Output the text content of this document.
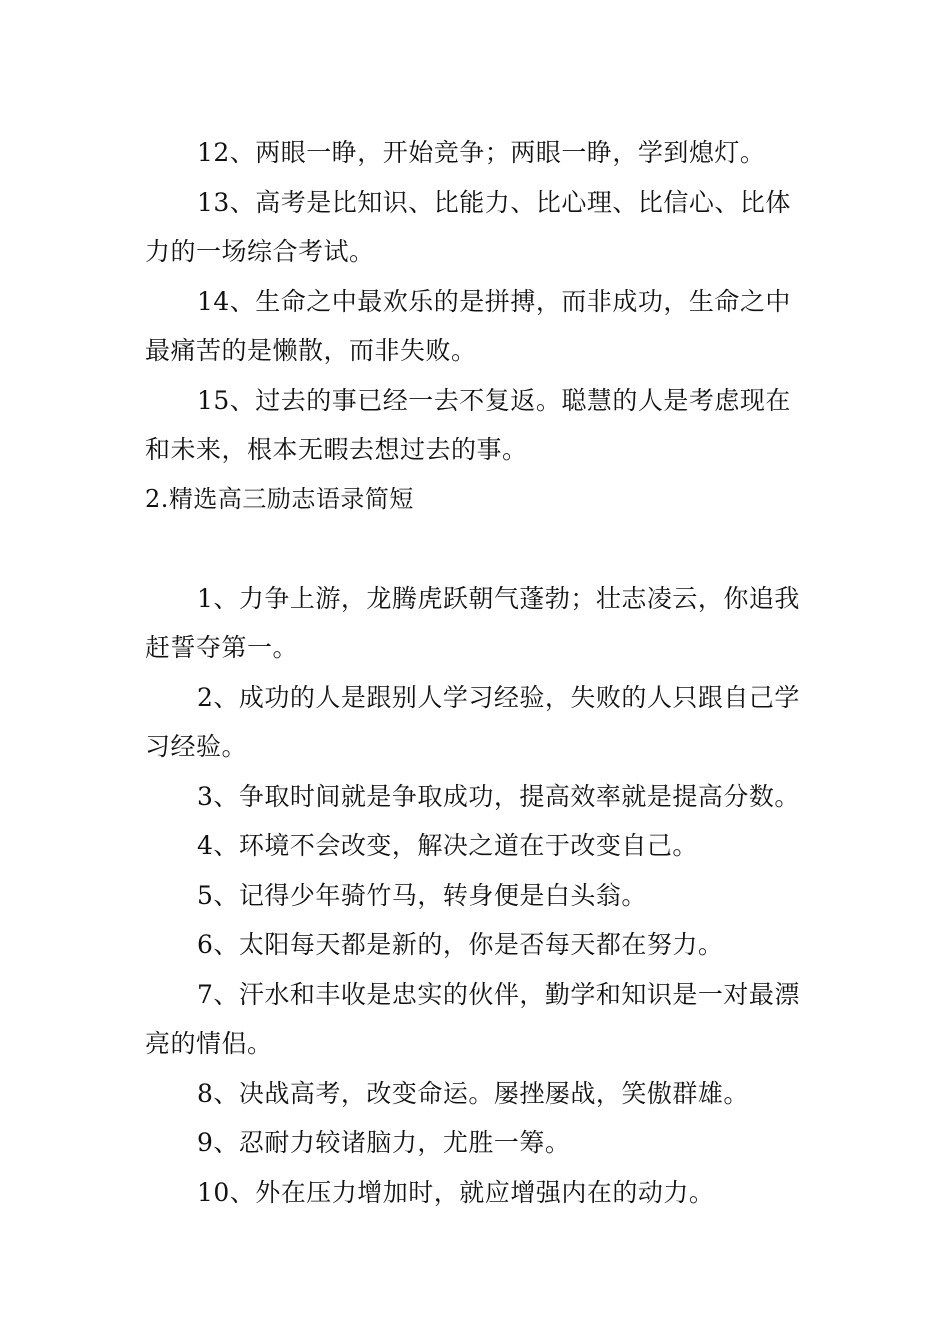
12、两眼一睁，开始竞争；两眼一睁，学到熄灯。

13、高考是比知识、比能力、比心理、比信心、比体力的一场综合考试。

14、生命之中最欢乐的是拼搏，而非成功，生命之中最痛苦的是懒散，而非失败。

15、过去的事已经一去不复返。聪慧的人是考虑现在和未来，根本无暇去想过去的事。

2.精选高三励志语录简短

1、力争上游，龙腾虎跃朝气蓬勃；壮志凌云，你追我赶誓夺第一。

2、成功的人是跟别人学习经验，失败的人只跟自己学习经验。

3、争取时间就是争取成功，提高效率就是提高分数。

4、环境不会改变，解决之道在于改变自己。

5、记得少年骑竹马，转身便是白头翁。

6、太阳每天都是新的，你是否每天都在努力。

7、汗水和丰收是忠实的伙伴，勤学和知识是一对最漂亮的情侣。

8、决战高考，改变命运。屡挫屡战，笑傲群雄。

9、忍耐力较诸脑力，尤胜一筹。

10、外在压力增加时，就应增强内在的动力。
